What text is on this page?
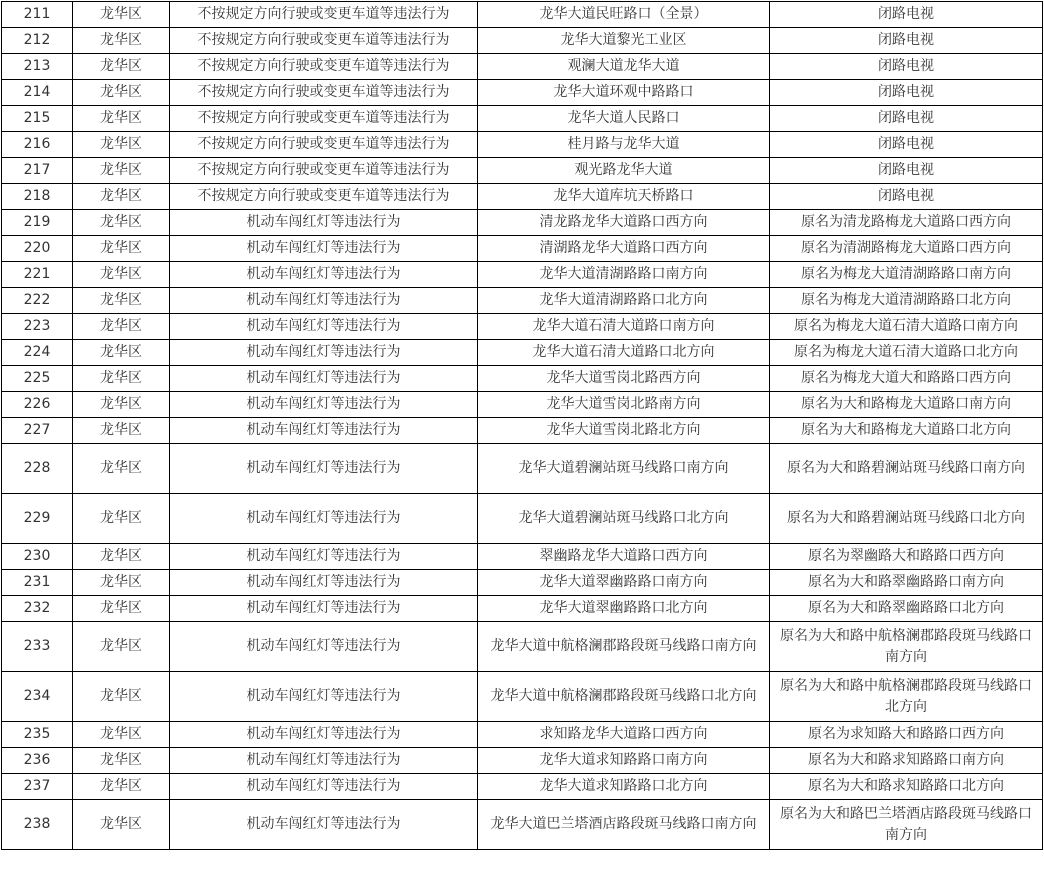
211	龙华区	不按规定方向行驶或变更车道等违法行为	龙华大道民旺路口（全景）	闭路电视
212	龙华区	不按规定方向行驶或变更车道等违法行为	龙华大道黎光工业区	闭路电视
213	龙华区	不按规定方向行驶或变更车道等违法行为	观澜大道龙华大道	闭路电视
214	龙华区	不按规定方向行驶或变更车道等违法行为	龙华大道环观中路路口	闭路电视
215	龙华区	不按规定方向行驶或变更车道等违法行为	龙华大道人民路口	闭路电视
216	龙华区	不按规定方向行驶或变更车道等违法行为	桂月路与龙华大道	闭路电视
217	龙华区	不按规定方向行驶或变更车道等违法行为	观光路龙华大道	闭路电视
218	龙华区	不按规定方向行驶或变更车道等违法行为	龙华大道库坑天桥路口	闭路电视
219	龙华区	机动车闯红灯等违法行为	清龙路龙华大道路口西方向	原名为清龙路梅龙大道路口西方向
220	龙华区	机动车闯红灯等违法行为	清湖路龙华大道路口西方向	原名为清湖路梅龙大道路口西方向
221	龙华区	机动车闯红灯等违法行为	龙华大道清湖路路口南方向	原名为梅龙大道清湖路路口南方向
222	龙华区	机动车闯红灯等违法行为	龙华大道清湖路路口北方向	原名为梅龙大道清湖路路口北方向
223	龙华区	机动车闯红灯等违法行为	龙华大道石清大道路口南方向	原名为梅龙大道石清大道路口南方向
224	龙华区	机动车闯红灯等违法行为	龙华大道石清大道路口北方向	原名为梅龙大道石清大道路口北方向
225	龙华区	机动车闯红灯等违法行为	龙华大道雪岗北路西方向	原名为梅龙大道大和路路口西方向
226	龙华区	机动车闯红灯等违法行为	龙华大道雪岗北路南方向	原名为大和路梅龙大道路口南方向
227	龙华区	机动车闯红灯等违法行为	龙华大道雪岗北路北方向	原名为大和路梅龙大道路口北方向
228	龙华区	机动车闯红灯等违法行为	龙华大道碧澜站斑马线路口南方向	原名为大和路碧澜站斑马线路口南方向
229	龙华区	机动车闯红灯等违法行为	龙华大道碧澜站斑马线路口北方向	原名为大和路碧澜站斑马线路口北方向
230	龙华区	机动车闯红灯等违法行为	翠幽路龙华大道路口西方向	原名为翠幽路大和路路口西方向
231	龙华区	机动车闯红灯等违法行为	龙华大道翠幽路路口南方向	原名为大和路翠幽路路口南方向
232	龙华区	机动车闯红灯等违法行为	龙华大道翠幽路路口北方向	原名为大和路翠幽路路口北方向
233	龙华区	机动车闯红灯等违法行为	龙华大道中航格澜郡路段斑马线路口南方向	原名为大和路中航格澜郡路段斑马线路口南方向
234	龙华区	机动车闯红灯等违法行为	龙华大道中航格澜郡路段斑马线路口北方向	原名为大和路中航格澜郡路段斑马线路口北方向
235	龙华区	机动车闯红灯等违法行为	求知路龙华大道路口西方向	原名为求知路大和路路口西方向
236	龙华区	机动车闯红灯等违法行为	龙华大道求知路路口南方向	原名为大和路求知路路口南方向
237	龙华区	机动车闯红灯等违法行为	龙华大道求知路路口北方向	原名为大和路求知路路口北方向
238	龙华区	机动车闯红灯等违法行为	龙华大道巴兰塔酒店路段斑马线路口南方向	原名为大和路巴兰塔酒店路段斑马线路口南方向
